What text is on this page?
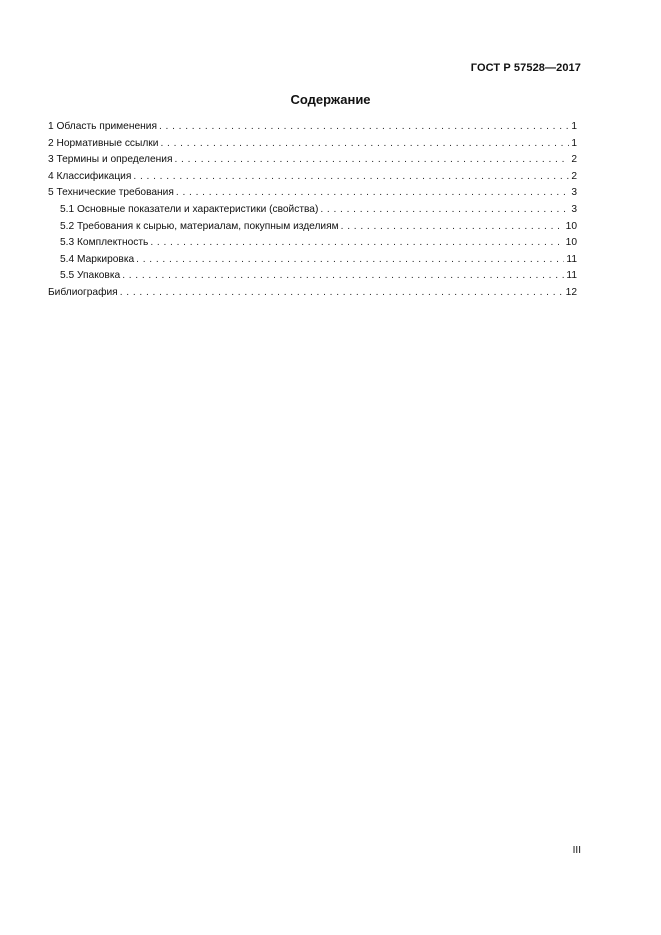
ГОСТ Р 57528—2017
Содержание
1 Область применения . . .	1
2 Нормативные ссылки . . .	1
3 Термины и определения . . .	2
4 Классификация . . .	2
5 Технические требования . . .	3
5.1 Основные показатели и характеристики (свойства) . . .	3
5.2 Требования к сырью, материалам, покупным изделиям . . .	10
5.3 Комплектность . . .	10
5.4 Маркировка . . .	11
5.5 Упаковка . . .	11
Библиография . . .	12
III
